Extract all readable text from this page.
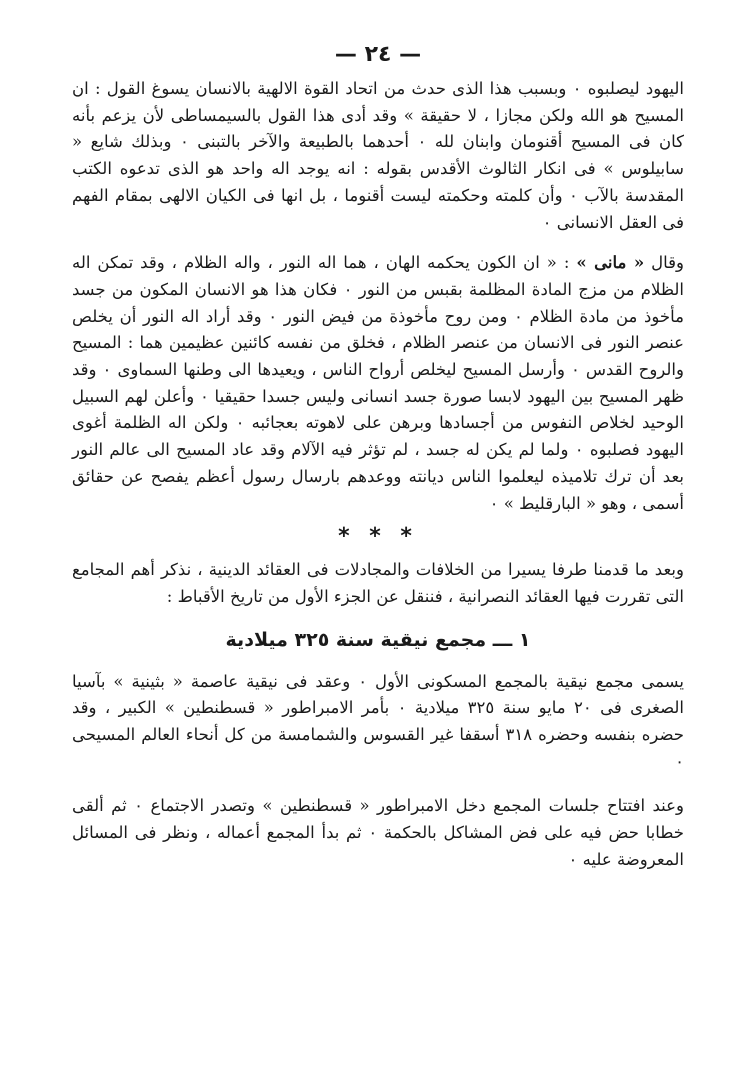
— ٢٤ —

اليهود ليصلبوه ٠ وبسبب هذا الذى حدث من اتحاد القوة الالهية بالانسان يسوغ القول : ان المسيح هو الله ولكن مجازا ، لا حقيقة » وقد أدى هذا القول بالسيمساطى لأن يزعم بأنه كان فى المسيح أقنومان وابنان لله ٠ أحدهما بالطبيعة والآخر بالتبنى ٠ وبذلك شايع « سابيلوس » فى انكار الثالوث الأقدس بقوله : انه يوجد اله واحد هو الذى تدعوه الكتب المقدسة بالآب ٠ وأن كلمته وحكمته ليست أقنوما ، بل انها فى الكيان الالهى بمقام الفهم فى العقل الانسانى ٠

وقال « مانى » : « ان الكون يحكمه الهان ، هما اله النور ، واله الظلام ، وقد تمكن اله الظلام من مزج المادة المظلمة بقبس من النور ٠ فكان هذا هو الانسان المكون من جسد مأخوذ من مادة الظلام ٠ ومن روح مأخوذة من فيض النور ٠ وقد أراد اله النور أن يخلص عنصر النور فى الانسان من عنصر الظلام ، فخلق من نفسه كائنين عظيمين هما : المسيح والروح القدس ٠ وأرسل المسيح ليخلص أرواح الناس ، ويعيدها الى وطنها السماوى ٠ وقد ظهر المسيح بين اليهود لابسا صورة جسد انسانى وليس جسدا حقيقيا ٠ وأعلن لهم السبيل الوحيد لخلاص النفوس من أجسادها وبرهن على لاهوته بعجائبه ٠ ولكن اله الظلمة أغوى اليهود فصلبوه ٠ ولما لم يكن له جسد ، لم تؤثر فيه الآلام وقد عاد المسيح الى عالم النور بعد أن ترك تلاميذه ليعلموا الناس ديانته ووعدهم بارسال رسول أعظم يفصح عن حقائق أسمى ، وهو « البارقليط » ٠

* * *

وبعد ما قدمنا طرفا يسيرا من الخلافات والمجادلات فى العقائد الدينية ، نذكر أهم المجامع التى تقررت فيها العقائد النصرانية ، فننقل عن الجزء الأول من تاريخ الأقباط :

١ ـــ مجمع نيقية سنة ٣٢٥ ميلادية

يسمى مجمع نيقية بالمجمع المسكونى الأول ٠ وعقد فى نيقية عاصمة « بثينية » بآسيا الصغرى فى ٢٠ مايو سنة ٣٢٥ ميلادية ٠ بأمر الامبراطور « قسطنطين » الكبير ، وقد حضره بنفسه وحضره ٣١٨ أسقفا غير القسوس والشمامسة من كل أنحاء العالم المسيحى ٠

وعند افتتاح جلسات المجمع دخل الامبراطور « قسطنطين » وتصدر الاجتماع ٠ ثم ألقى خطابا حض فيه على فض المشاكل بالحكمة ٠ ثم بدأ المجمع أعماله ، ونظر فى المسائل المعروضة عليه ٠
